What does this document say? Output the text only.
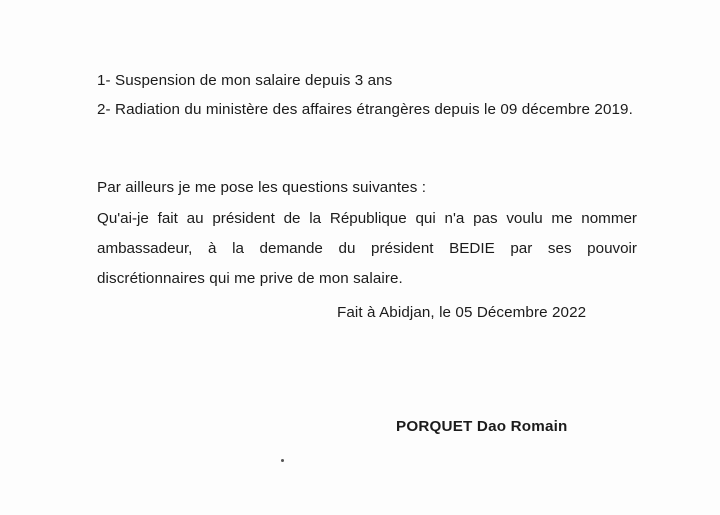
1- Suspension de mon salaire depuis 3 ans
2- Radiation du ministère des affaires étrangères depuis le 09 décembre 2019.
Par ailleurs je me pose les questions suivantes :
Qu'ai-je fait au président de la République qui n'a pas voulu me nommer
ambassadeur, à la demande du président BEDIE par ses pouvoir
discrétionnaires qui me prive de mon salaire.
Fait à Abidjan, le 05 Décembre 2022
PORQUET Dao Romain
